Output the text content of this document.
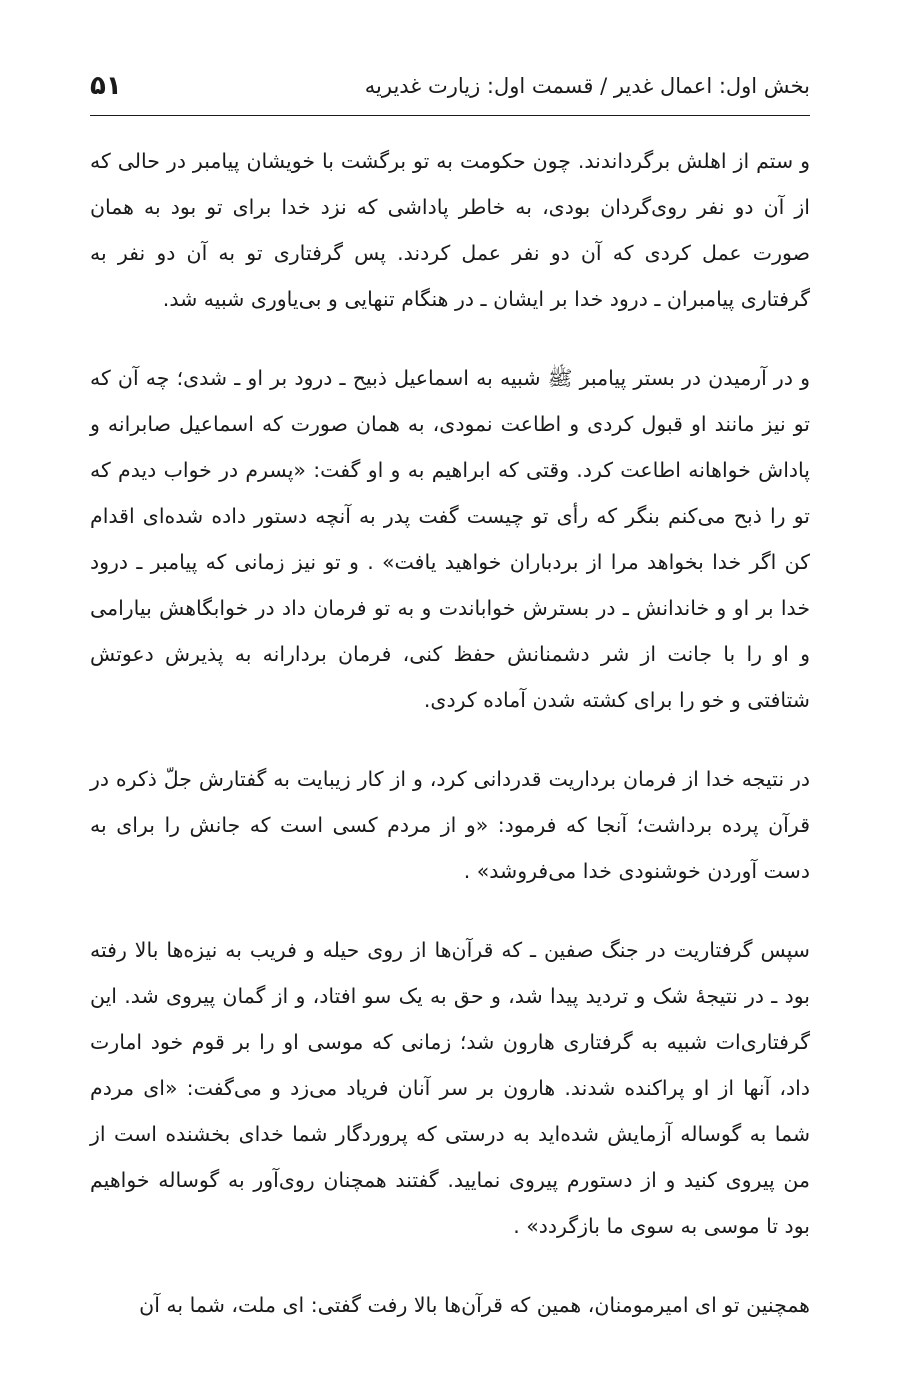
بخش اول: اعمال غدیر / قسمت اول: زیارت غدیریه
۵۱

و ستم از اهلش برگرداندند. چون حکومت به تو برگشت با خویشان پیامبر در حالی که از آن دو نفر روی‌گردان بودی، به خاطر پاداشی که نزد خدا برای تو بود به همان صورت عمل کردی که آن دو نفر عمل کردند. پس گرفتاری تو به آن دو نفر به گرفتاری پیامبران ـ درود خدا بر ایشان ـ در هنگام تنهایی و بی‌یاوری شبیه شد.

و در آرمیدن در بستر پیامبر ﷺ شبیه به اسماعیل ذبیح ـ درود بر او ـ شدی؛ چه آن که تو نیز مانند او قبول کردی و اطاعت نمودی، به همان صورت که اسماعیل صابرانه و پاداش خواهانه اطاعت کرد. وقتی که ابراهیم به و او گفت: «پسرم در خواب دیدم که تو را ذبح می‌کنم بنگر که رأی تو چیست گفت پدر به آنچه دستور داده شده‌ای اقدام کن اگر خدا بخواهد مرا از بردباران خواهید یافت» . و تو نیز زمانی که پیامبر ـ درود خدا بر او و خاندانش ـ در بسترش خواباندت و به تو فرمان داد در خوابگاهش بیارامی و او را با جانت از شر دشمنانش حفظ کنی، فرمان بردارانه به پذیرش دعوتش شتافتی و خو را برای کشته شدن آماده کردی.

در نتیجه خدا از فرمان برداریت قدردانی کرد، و از کار زیبایت به گفتارش جلّ ذکره در قرآن پرده برداشت؛ آنجا که فرمود: «و از مردم کسی است که جانش را برای به دست آوردن خوشنودی خدا می‌فروشد» .

سپس گرفتاریت در جنگ صفین ـ که قرآن‌ها از روی حیله و فریب به نیزه‌ها بالا رفته بود ـ در نتیجهٔ شک و تردید پیدا شد، و حق به یک سو افتاد، و از گمان پیروی شد. این گرفتاری‌ات شبیه به گرفتاری هارون شد؛ زمانی که موسی او را بر قوم خود امارت داد، آنها از او پراکنده شدند. هارون بر سر آنان فریاد می‌زد و می‌گفت: «ای مردم شما به گوساله آزمایش شده‌اید به درستی که پروردگار شما خدای بخشنده است از من پیروی کنید و از دستورم پیروی نمایید. گفتند همچنان روی‌آور به گوساله خواهیم بود تا موسی به سوی ما بازگردد» .

همچنین تو ای امیرمومنان، همین که قرآن‌ها بالا رفت گفتی: ای ملت، شما به آن
